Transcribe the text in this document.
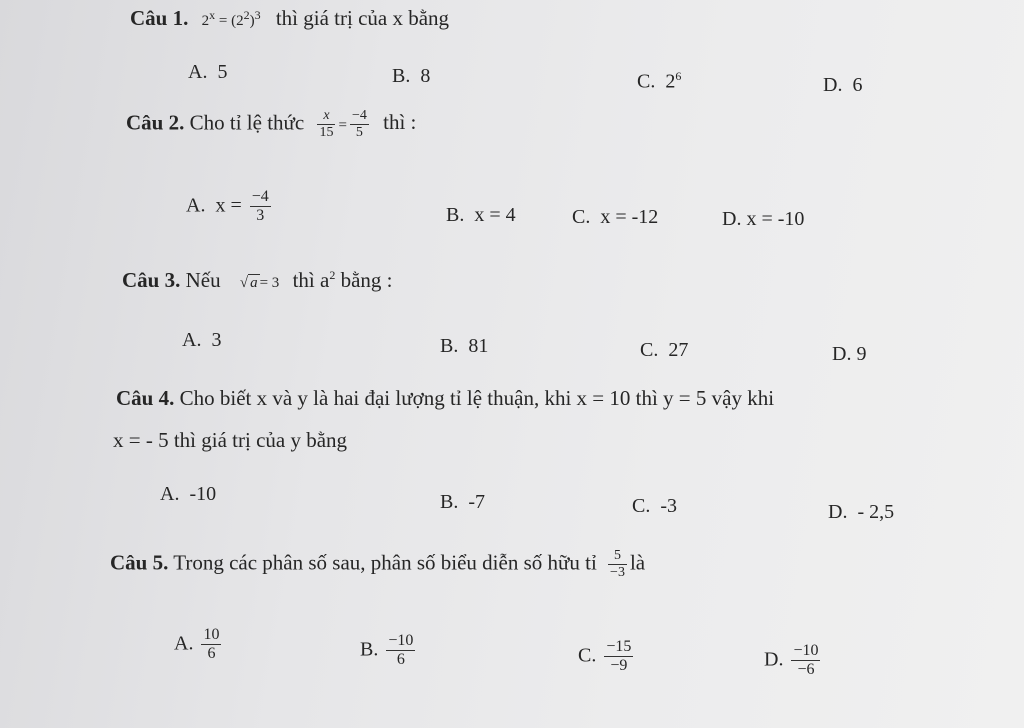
Câu 1. $2^x = (2^2)^3$ thì giá trị của x bằng
A. 5	B. 8	C. $2^6$	D. 6
Câu 2. Cho tỉ lệ thức $\frac{x}{15} = \frac{-4}{5}$ thì :
A. $x = \frac{-4}{3}$	B. x = 4	C. x = -12	D. x = -10
Câu 3. Nếu √ a = 3 thì $a^2$ bằng :
A. 3	B. 81	C. 27	D. 9
Câu 4. Cho biết x và y là hai đại lượng tỉ lệ thuận, khi x = 10 thì y = 5 vậy khi
x = - 5 thì giá trị của y bằng
A. -10	B. -7	C. -3	D. - 2,5
Câu 5. Trong các phân số sau, phân số biểu diễn số hữu tỉ $\frac{5}{-3}$ là
A. $\frac{10}{6}$	B. $\frac{-10}{6}$	C. $\frac{-15}{-9}$	D. $\frac{-10}{-6}$
